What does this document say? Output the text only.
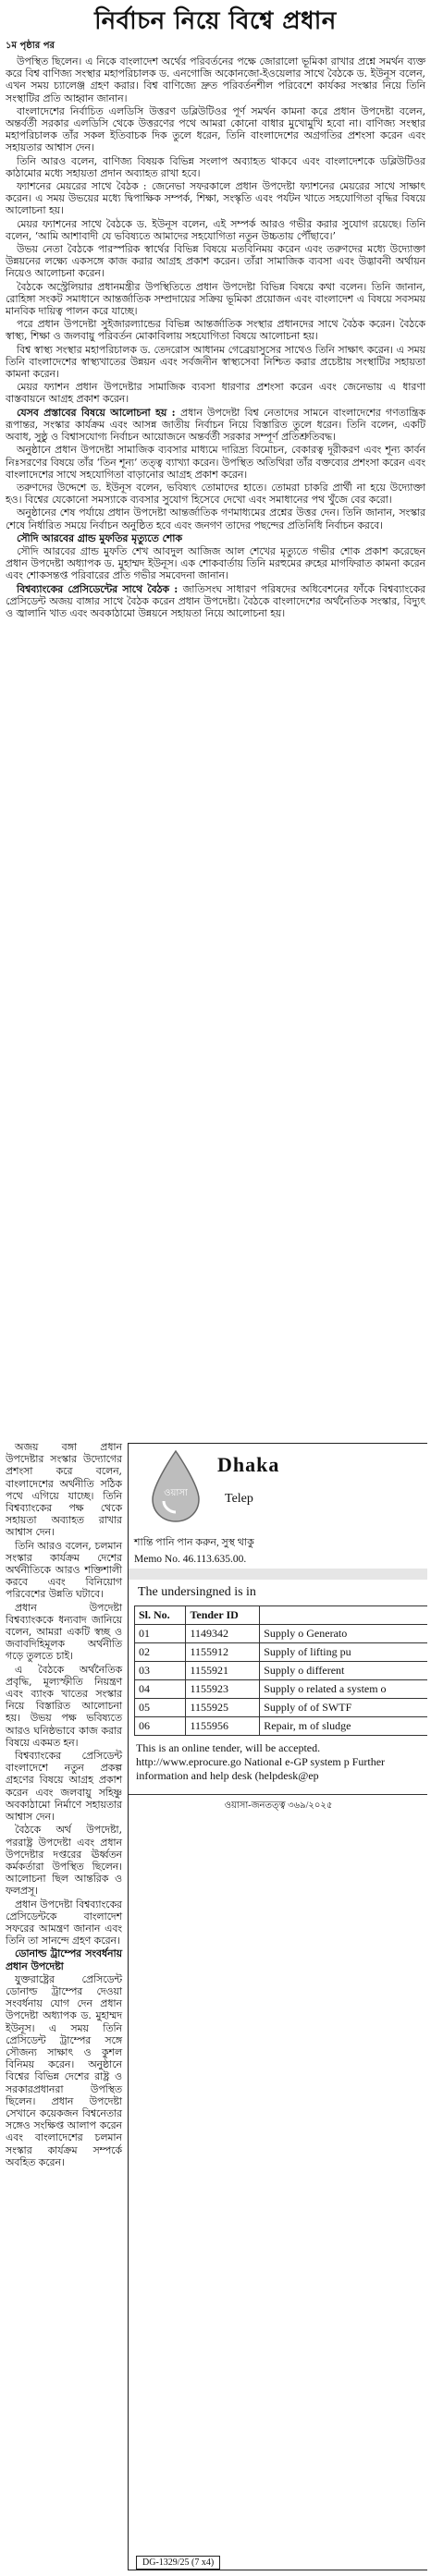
নির্বাচন নিয়ে বিশ্বে প্রধান
১ম পৃষ্ঠার পর

উপস্থিত ছিলেন। এ নিকে বাংলাদেশ অর্থের পরিবর্তনের পক্ষে জোরালো ভূমিকা রাখার প্রশ্নে সমর্থন ব্যক্ত করে বিশ্ব বাণিজ্য সংস্থার মহাপরিচালক ড. এনগোজি অকোনজো-ইওয়েলার সাথে বৈঠকে ড. ইউনূস বলেন, এখন সময় চ্যালেঞ্জ গ্রহণ করার। বিশ্ব বাণিজ্যে দ্রুত পরিবর্তনশীল পরিবেশে কার্যকর সংস্কার নিয়ে তিনি সংস্থাটির প্রতি আহ্বান জানান।

বাংলাদেশের নির্বাচিত এলডিসি উত্তরণ ডব্লিউটিওর পূর্ণ সমর্থন কামনা করে প্রধান উপদেষ্টা বলেন, অন্তর্বর্তী সরকার এলডিসি থেকে উত্তরণের পথে আমরা কোনো বাধার মুখোমুখি হবো না। বাণিজ্য সংস্থার মহাপরিচালক তাঁর সকল ইতিবাচক দিক তুলে ধরেন, তিনি বাংলাদেশের অগ্রগতির প্রশংসা করেন এবং সহায়তার আশ্বাস দেন।

তিনি আরও বলেন, বাণিজ্য বিষয়ক বিভিন্ন সংলাপ অব্যাহত থাকবে এবং বাংলাদেশকে ডব্লিউটিওর কাঠামোর মধ্যে সহায়তা প্রদান অব্যাহত রাখা হবে।

ফ্যাশনের মেয়রের সাথে বৈঠক : জেনেভা সফরকালে প্রধান উপদেষ্টা ফ্যাশনের মেয়রের সাথে সাক্ষাৎ করেন। এ সময় উভয়ের মধ্যে দ্বিপাক্ষিক সম্পর্ক, শিক্ষা, সংস্কৃতি এবং পর্যটন খাতে সহযোগিতা বৃদ্ধির বিষয়ে আলোচনা হয়।

মেয়র ফ্যাশনের সাথে বৈঠকে ড. ইউনূস বলেন, এই সম্পর্ক আরও গভীর করার সুযোগ রয়েছে। তিনি বলেন, ‘আমি আশাবাদী যে ভবিষ্যতে আমাদের সহযোগিতা নতুন উচ্চতায় পৌঁছাবে।’

উভয় নেতা বৈঠকে পারস্পরিক স্বার্থের বিভিন্ন বিষয়ে মতবিনিময় করেন এবং তরুণদের মধ্যে উদ্যোক্তা উন্নয়নের লক্ষ্যে একসঙ্গে কাজ করার আগ্রহ প্রকাশ করেন। তাঁরা সামাজিক ব্যবসা এবং উদ্ভাবনী অর্থায়ন নিয়েও আলোচনা করেন।

বৈঠকে অস্ট্রেলিয়ার প্রধানমন্ত্রীর উপস্থিতিতে প্রধান উপদেষ্টা বিভিন্ন বিষয়ে কথা বলেন। তিনি জানান, রোহিঙ্গা সংকট সমাধানে আন্তর্জাতিক সম্প্রদায়ের সক্রিয় ভূমিকা প্রয়োজন এবং বাংলাদেশ এ বিষয়ে সবসময় মানবিক দায়িত্ব পালন করে যাচ্ছে।

পরে প্রধান উপদেষ্টা সুইজারল্যান্ডের বিভিন্ন আন্তর্জাতিক সংস্থার প্রধানদের সাথে বৈঠক করেন। বৈঠকে স্বাস্থ্য, শিক্ষা ও জলবায়ু পরিবর্তন মোকাবিলায় সহযোগিতা বিষয়ে আলোচনা হয়।

বিশ্ব স্বাস্থ্য সংস্থার মহাপরিচালক ড. তেদরোস আধানম গেব্রেয়াসুসের সাথেও তিনি সাক্ষাৎ করেন। এ সময় তিনি বাংলাদেশের স্বাস্থ্যখাতের উন্নয়ন এবং সর্বজনীন স্বাস্থ্যসেবা নিশ্চিত করার প্রচেষ্টায় সংস্থাটির সহায়তা কামনা করেন।

মেয়র ফ্যাশন প্রধান উপদেষ্টার সামাজিক ব্যবসা ধারণার প্রশংসা করেন এবং জেনেভায় এ ধারণা বাস্তবায়নে আগ্রহ প্রকাশ করেন।

যেসব প্রস্তাবের বিষয়ে আলোচনা হয় : প্রধান উপদেষ্টা বিশ্ব নেতাদের সামনে বাংলাদেশের গণতান্ত্রিক রূপান্তর, সংস্কার কার্যক্রম এবং আসন্ন জাতীয় নির্বাচন নিয়ে বিস্তারিত তুলে ধরেন। তিনি বলেন, একটি অবাধ, সুষ্ঠু ও বিশ্বাসযোগ্য নির্বাচন আয়োজনে অন্তর্বর্তী সরকার সম্পূর্ণ প্রতিশ্রুতিবদ্ধ।

অনুষ্ঠানে প্রধান উপদেষ্টা সামাজিক ব্যবসার মাধ্যমে দারিদ্র্য বিমোচন, বেকারত্ব দূরীকরণ এবং শূন্য কার্বন নিঃসরণের বিষয়ে তাঁর ‘তিন শূন্য’ তত্ত্ব ব্যাখ্যা করেন। উপস্থিত অতিথিরা তাঁর বক্তব্যের প্রশংসা করেন এবং বাংলাদেশের সাথে সহযোগিতা বাড়ানোর আগ্রহ প্রকাশ করেন।

তরুণদের উদ্দেশে ড. ইউনূস বলেন, ভবিষ্যৎ তোমাদের হাতে। তোমরা চাকরি প্রার্থী না হয়ে উদ্যোক্তা হও। বিশ্বের যেকোনো সমস্যাকে ব্যবসার সুযোগ হিসেবে দেখো এবং সমাধানের পথ খুঁজে বের করো।

অনুষ্ঠানের শেষ পর্যায়ে প্রধান উপদেষ্টা আন্তর্জাতিক গণমাধ্যমের প্রশ্নের উত্তর দেন। তিনি জানান, সংস্কার শেষে নির্ধারিত সময়ে নির্বাচন অনুষ্ঠিত হবে এবং জনগণ তাদের পছন্দের প্রতিনিধি নির্বাচন করবে।

সৌদি আরবের গ্রান্ড মুফতির মৃত্যুতে শোক

সৌদি আরবের গ্রান্ড মুফতি শেখ আবদুল আজিজ আল শেখের মৃত্যুতে গভীর শোক প্রকাশ করেছেন প্রধান উপদেষ্টা অধ্যাপক ড. মুহাম্মদ ইউনূস। এক শোকবার্তায় তিনি মরহুমের রুহের মাগফিরাত কামনা করেন এবং শোকসন্তপ্ত পরিবারের প্রতি গভীর সমবেদনা জানান।

বিশ্বব্যাংকের প্রেসিডেন্টের সাথে বৈঠক : জাতিসংঘ সাধারণ পরিষদের অধিবেশনের ফাঁকে বিশ্বব্যাংকের প্রেসিডেন্ট অজয় বাঙ্গার সাথে বৈঠক করেন প্রধান উপদেষ্টা। বৈঠকে বাংলাদেশের অর্থনৈতিক সংস্কার, বিদ্যুৎ ও জ্বালানি খাত এবং অবকাঠামো উন্নয়নে সহায়তা নিয়ে আলোচনা হয়।

অজয় বঙ্গা প্রধান উপদেষ্টার সংস্কার উদ্যোগের প্রশংসা করে বলেন, বাংলাদেশের অর্থনীতি সঠিক পথে এগিয়ে যাচ্ছে। তিনি বিশ্বব্যাংকের পক্ষ থেকে সহায়তা অব্যাহত রাখার আশ্বাস দেন।

তিনি আরও বলেন, চলমান সংস্কার কার্যক্রম দেশের অর্থনীতিকে আরও শক্তিশালী করবে এবং বিনিয়োগ পরিবেশের উন্নতি ঘটাবে।

প্রধান উপদেষ্টা বিশ্বব্যাংককে ধন্যবাদ জানিয়ে বলেন, আমরা একটি স্বচ্ছ ও জবাবদিহিমূলক অর্থনীতি গড়ে তুলতে চাই।

এ বৈঠকে অর্থনৈতিক প্রবৃদ্ধি, মূল্যস্ফীতি নিয়ন্ত্রণ এবং ব্যাংক খাতের সংস্কার নিয়ে বিস্তারিত আলোচনা হয়। উভয় পক্ষ ভবিষ্যতে আরও ঘনিষ্ঠভাবে কাজ করার বিষয়ে একমত হন।

বিশ্বব্যাংকের প্রেসিডেন্ট বাংলাদেশে নতুন প্রকল্প গ্রহণের বিষয়ে আগ্রহ প্রকাশ করেন এবং জলবায়ু সহিষ্ণু অবকাঠামো নির্মাণে সহায়তার আশ্বাস দেন।

বৈঠকে অর্থ উপদেষ্টা, পররাষ্ট্র উপদেষ্টা এবং প্রধান উপদেষ্টার দপ্তরের ঊর্ধ্বতন কর্মকর্তারা উপস্থিত ছিলেন। আলোচনা ছিল আন্তরিক ও ফলপ্রসূ।

প্রধান উপদেষ্টা বিশ্বব্যাংকের প্রেসিডেন্টকে বাংলাদেশ সফরের আমন্ত্রণ জানান এবং তিনি তা সানন্দে গ্রহণ করেন।

ডোনাল্ড ট্রাম্পের সংবর্ধনায় প্রধান উপদেষ্টা

যুক্তরাষ্ট্রের প্রেসিডেন্ট ডোনাল্ড ট্রাম্পের দেওয়া সংবর্ধনায় যোগ দেন প্রধান উপদেষ্টা অধ্যাপক ড. মুহাম্মদ ইউনূস। এ সময় তিনি প্রেসিডেন্ট ট্রাম্পের সঙ্গে সৌজন্য সাক্ষাৎ ও কুশল বিনিময় করেন। অনুষ্ঠানে বিশ্বের বিভিন্ন দেশের রাষ্ট্র ও সরকারপ্রধানরা উপস্থিত ছিলেন। প্রধান উপদেষ্টা সেখানে কয়েকজন বিশ্বনেতার সঙ্গেও সংক্ষিপ্ত আলাপ করেন এবং বাংলাদেশের চলমান সংস্কার কার্যক্রম সম্পর্কে অবহিত করেন।

ওয়াসা
Dhaka
Telep
শান্তি পানি পান করুন, সুস্থ থাকু
Memo No. 46.113.635.00.
The undersingned is in
Sl. No.	Tender ID	
01	1149342	Supply o Generato
02	1155912	Supply of lifting pu
03	1155921	Supply o different
04	1155923	Supply o related a system o
05	1155925	Supply of of SWTF
06	1155956	Repair, m of sludge
This is an online tender, will be accepted. http://www.eprocure.go National e-GP system p Further information and help desk (helpdesk@ep
ওয়াসা-জনতত্ত্ব ৩৬৯/২০২৫
DG-1329/25 (7 x4)
